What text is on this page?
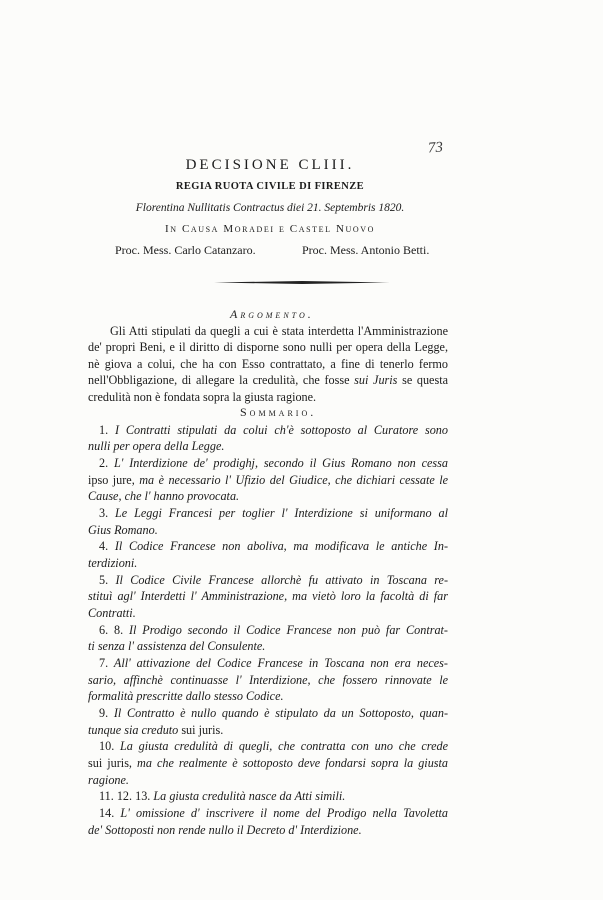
73
DECISIONE CLIII.
REGIA RUOTA CIVILE DI FIRENZE
Florentina Nullitatis Contractus diei 21. Septembris 1820.
In Causa Moradei e Castel Nuovo
Proc. Mess. Carlo Catanzaro.	Proc. Mess. Antonio Betti.
Argomento.
Gli Atti stipulati da quegli a cui è stata interdetta l'Amministrazione
de' propri Beni, e il diritto di disporne sono nulli per opera della Legge,
nè giova a colui, che ha con Esso contrattato, a fine di tenerlo fermo
nell'Obbligazione, di allegare la credulità, che fosse sui Juris se questa
credulità non è fondata sopra la giusta ragione.
Sommario.
1. I Contratti stipulati da colui ch'è sottoposto al Curatore sono
nulli per opera della Legge.
2. L' Interdizione de' prodighj, secondo il Gius Romano non cessa
ipso jure, ma è necessario l' Ufizio del Giudice, che dichiari cessate le
Cause, che l' hanno provocata.
3. Le Leggi Francesi per toglier l' Interdizione si uniformano al
Gius Romano.
4. Il Codice Francese non aboliva, ma modificava le antiche In-
terdizioni.
5. Il Codice Civile Francese allorchè fu attivato in Toscana re-
stituì agl' Interdetti l' Amministrazione, ma vietò loro la facoltà di far
Contratti.
6. 8. Il Prodigo secondo il Codice Francese non può far Contrat-
ti senza l' assistenza del Consulente.
7. All' attivazione del Codice Francese in Toscana non era neces-
sario, affinchè continuasse l' Interdizione, che fossero rinnovate le
formalità prescritte dallo stesso Codice.
9. Il Contratto è nullo quando è stipulato da un Sottoposto, quan-
tunque sia creduto sui juris.
10. La giusta credulità di quegli, che contratta con uno che crede
sui juris, ma che realmente è sottoposto deve fondarsi sopra la giusta
ragione.
11. 12. 13. La giusta credulità nasce da Atti simili.
14. L' omissione d' inscrivere il nome del Prodigo nella Tavoletta
de' Sottoposti non rende nullo il Decreto d' Interdizione.
